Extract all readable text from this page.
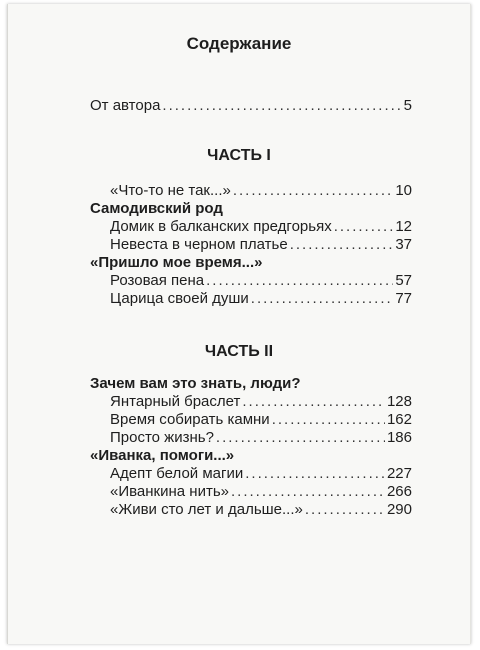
Содержание
От автора .....	5
ЧАСТЬ I
«Что-то не так...» .....	10
Самодивский род
Домик в балканских предгорьях .....	12
Невеста в черном платье .....	37
«Пришло мое время...»
Розовая пена .....	57
Царица своей души .....	77
ЧАСТЬ II
Зачем вам это знать, люди?
Янтарный браслет .....	128
Время собирать камни .....	162
Просто жизнь? .....	186
«Иванка, помоги...»
Адепт белой магии .....	227
«Иванкина нить» .....	266
«Живи сто лет и дальше...» .....	290
